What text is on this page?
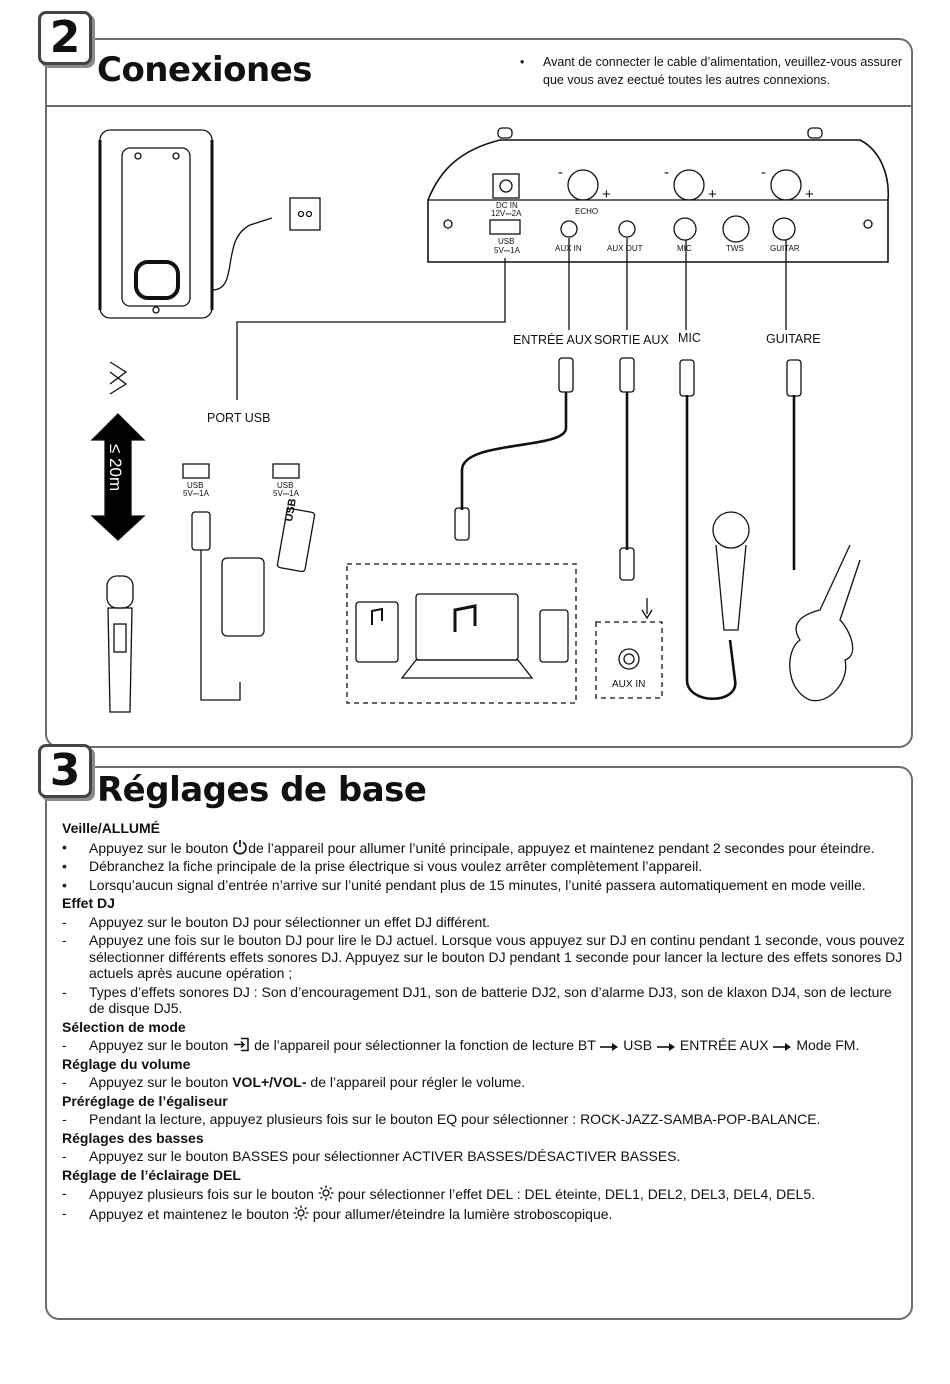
2
Conexiones	• Avant de connecter le cable d’alimentation, veuillez-vous assurer que vous avez eectué toutes les autres connexions.
DC IN
12V⎓2A	ECHO
USB
5V⎓1A	AUX IN	AUX OUT	MIC	TWS	GUITAR
-
+
-
+
-
+
ENTRÉE AUX SORTIE AUX MIC	GUITARE
PORT USB
≤ 20m	USB
5V⎓1A
USB
5V⎓1A
USB
AUX IN
3 Réglages de base
Veille/ALLUMÉ
• Appuyez sur le bouton de l’appareil pour allumer l’unité principale, appuyez et maintenez pendant 2 secondes pour éteindre.
• Débranchez la fiche principale de la prise électrique si vous voulez arrêter complètement l’appareil.
• Lorsqu’aucun signal d’entrée n’arrive sur l’unité pendant plus de 15 minutes, l’unité passera automatiquement en mode veille.
Effet DJ
- Appuyez sur le bouton DJ pour sélectionner un effet DJ différent.
- Appuyez une fois sur le bouton DJ pour lire le DJ actuel. Lorsque vous appuyez sur DJ en continu pendant 1 seconde, vous pouvez sélectionner différents effets sonores DJ. Appuyez sur le bouton DJ pendant 1 seconde pour lancer la lecture des effets sonores DJ actuels après aucune opération ;
- Types d’effets sonores DJ : Son d’encouragement DJ1, son de batterie DJ2, son d’alarme DJ3, son de klaxon DJ4, son de lecture de disque DJ5.
Sélection de mode
- Appuyez sur le bouton  de l’appareil pour sélectionner la fonction de lecture BT  USB  ENTRÉE AUX  Mode FM.
Réglage du volume
- Appuyez sur le bouton VOL+/VOL- de l’appareil pour régler le volume.
Préréglage de l’égaliseur
- Pendant la lecture, appuyez plusieurs fois sur le bouton EQ pour sélectionner : ROCK-JAZZ-SAMBA-POP-BALANCE.
Réglages des basses
- Appuyez sur le bouton BASSES pour sélectionner ACTIVER BASSES/DÉSACTIVER BASSES.
Réglage de l’éclairage DEL
- Appuyez plusieurs fois sur le bouton  pour sélectionner l’effet DEL : DEL éteinte, DEL1, DEL2, DEL3, DEL4, DEL5.
- Appuyez et maintenez le bouton  pour allumer/éteindre la lumière stroboscopique.
